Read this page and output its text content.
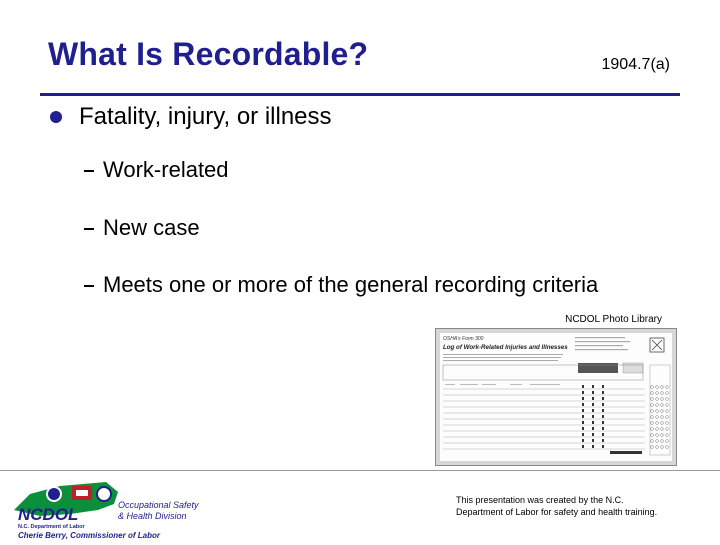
What Is Recordable?	1904.7(a)
Fatality, injury, or illness
Work-related
New case
Meets one or more of the general recording criteria
NCDOL Photo Library
OSHA's Form 300
Log of Work-Related Injuries and Illnesses
NCDOL
N.C. Department of Labor
Occupational Safety
& Health Division
Cherie Berry, Commissioner of Labor
This presentation was created by the N.C. Department of Labor for safety and health training.
